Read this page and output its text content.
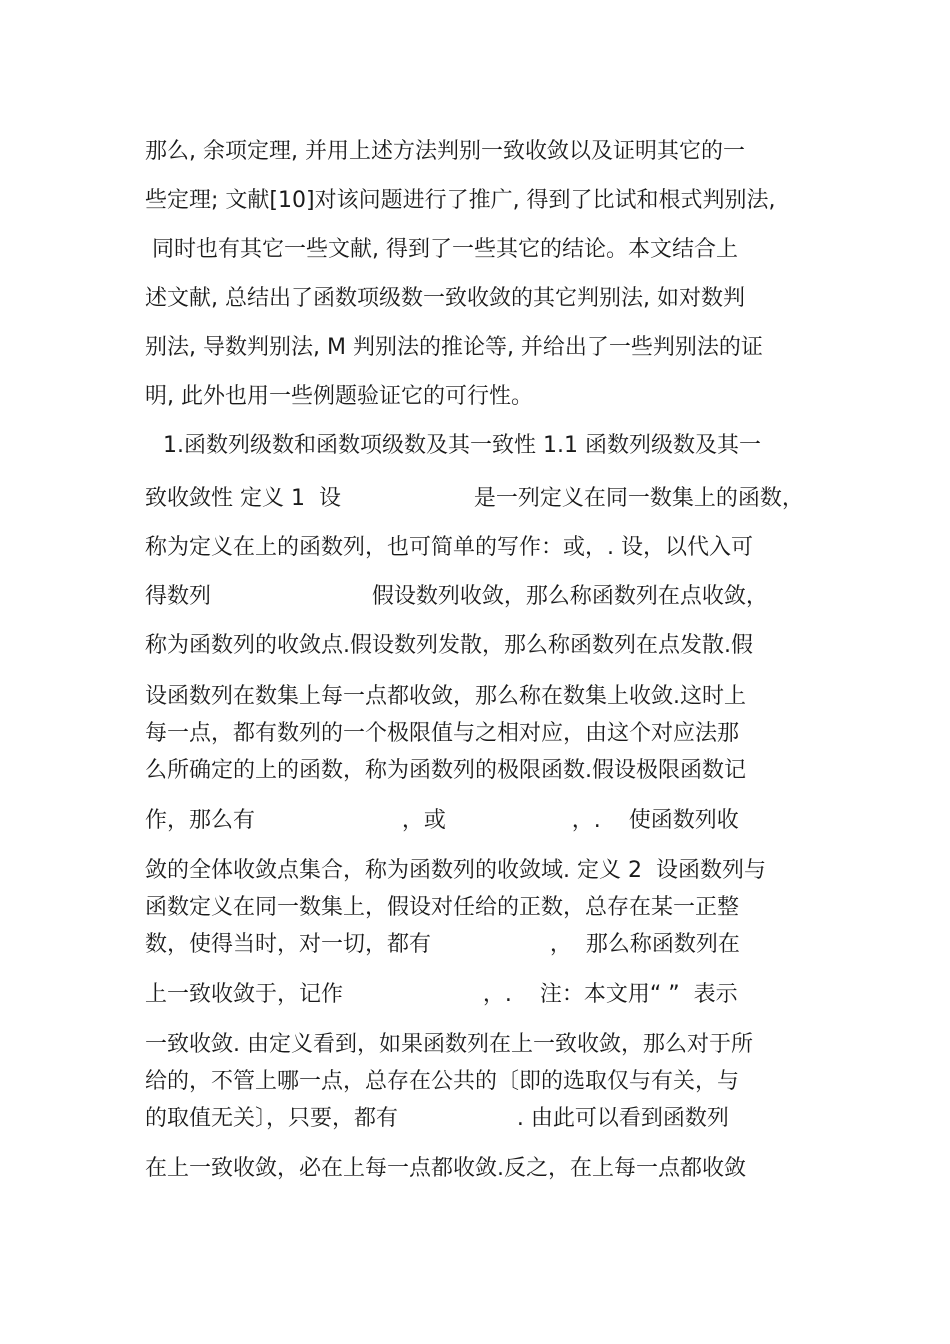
那么, 余项定理, 并用上述方法判别一致收敛以及证明其它的一
些定理; 文献[10]对该问题进行了推广, 得到了比试和根式判别法,
同时也有其它一些文献, 得到了一些其它的结论。本文结合上
述文献, 总结出了函数项级数一致收敛的其它判别法, 如对数判
别法, 导数判别法, M 判别法的推论等, 并给出了一些判别法的证
明, 此外也用一些例题验证它的可行性。
1.函数列级数和函数项级数及其一致性 1.1 函数列级数及其一
致收敛性 定义 1  设                   是一列定义在同一数集上的函数，
称为定义在上的函数列，也可简单的写作：或，. 设，以代入可
得数列                       假设数列收敛，那么称函数列在点收敛，
称为函数列的收敛点.假设数列发散，那么称函数列在点发散.假
设函数列在数集上每一点都收敛，那么称在数集上收敛.这时上
每一点，都有数列的一个极限值与之相对应，由这个对应法那
么所确定的上的函数，称为函数列的极限函数.假设极限函数记
作，那么有                     ，或                  ，.    使函数列收
敛的全体收敛点集合，称为函数列的收敛域. 定义 2  设函数列与
函数定义在同一数集上，假设对任给的正数，总存在某一正整
数，使得当时，对一切，都有                 ，  那么称函数列在
上一致收敛于，记作                    ，.    注：本文用“ ”  表示
一致收敛. 由定义看到，如果函数列在上一致收敛，那么对于所
给的，不管上哪一点，总存在公共的〔即的选取仅与有关，与
的取值无关〕，只要，都有                 . 由此可以看到函数列
在上一致收敛，必在上每一点都收敛.反之，在上每一点都收敛
